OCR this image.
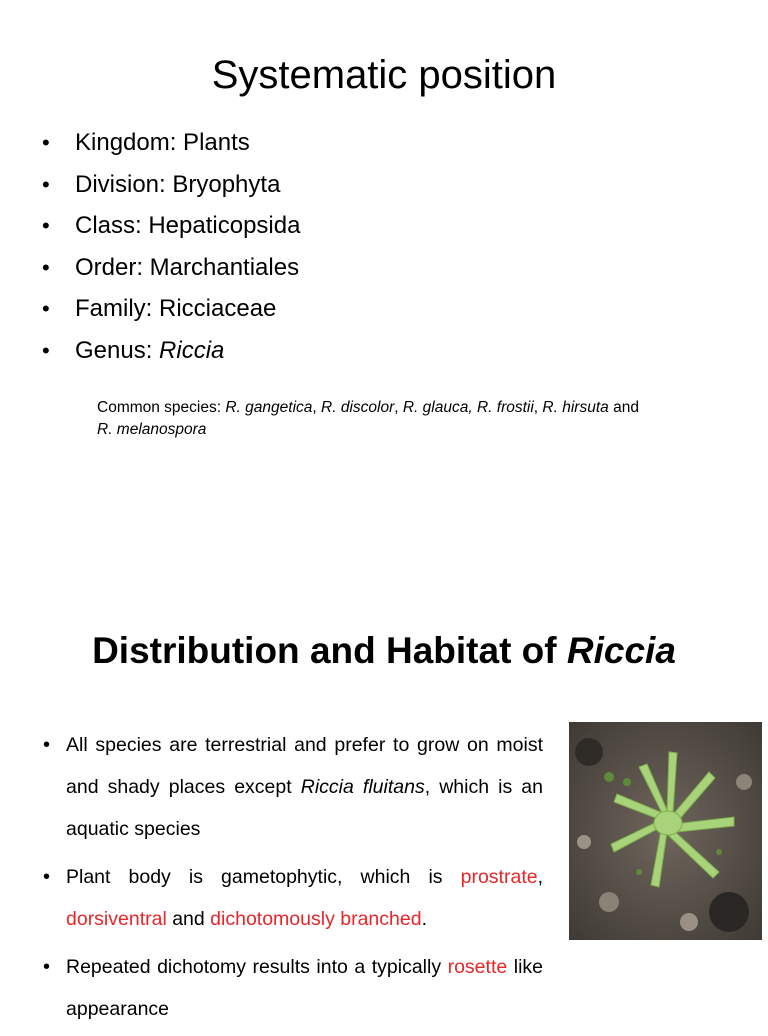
Systematic position
• Kingdom: Plants
• Division: Bryophyta
• Class: Hepaticopsida
• Order: Marchantiales
• Family: Ricciaceae
• Genus: Riccia
Common species: R. gangetica, R. discolor, R. glauca, R. frostii, R. hirsuta and
R. melanospora
Distribution and Habitat of Riccia
• All species are terrestrial and prefer to grow on moist and shady places except Riccia fluitans, which is an aquatic species
• Plant body is gametophytic, which is prostrate, dorsiventral and dichotomously branched.
• Repeated dichotomy results into a typically rosette like appearance
